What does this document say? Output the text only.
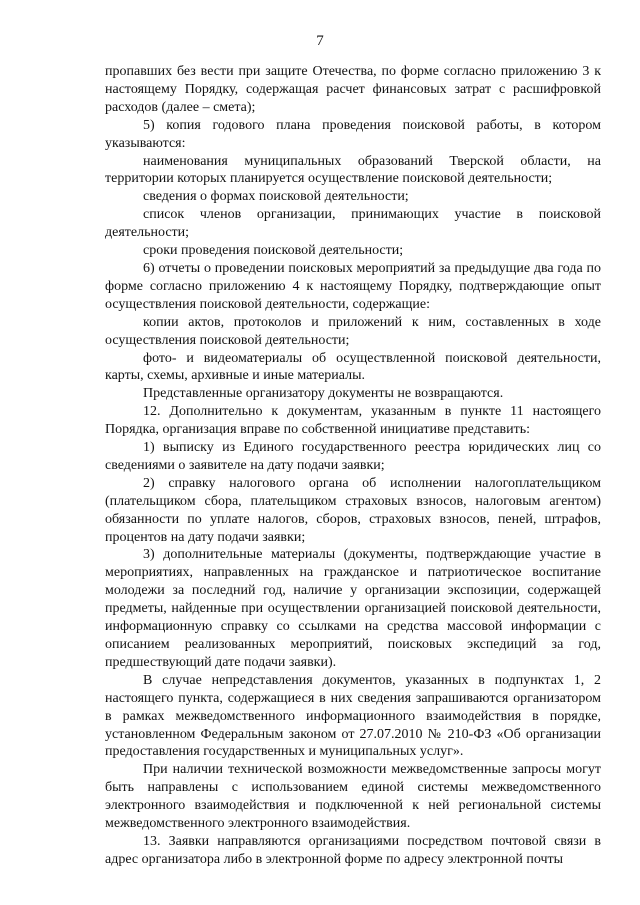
7

пропавших без вести при защите Отечества, по форме согласно приложению 3 к настоящему Порядку, содержащая расчет финансовых затрат с расшифровкой расходов (далее – смета);

5) копия годового плана проведения поисковой работы, в котором указываются:

наименования муниципальных образований Тверской области, на территории которых планируется осуществление поисковой деятельности;

сведения о формах поисковой деятельности;

список членов организации, принимающих участие в поисковой деятельности;

сроки проведения поисковой деятельности;

6) отчеты о проведении поисковых мероприятий за предыдущие два года по форме согласно приложению 4 к настоящему Порядку, подтверждающие опыт осуществления поисковой деятельности, содержащие:

копии актов, протоколов и приложений к ним, составленных в ходе осуществления поисковой деятельности;

фото- и видеоматериалы об осуществленной поисковой деятельности, карты, схемы, архивные и иные материалы.

Представленные организатору документы не возвращаются.

12. Дополнительно к документам, указанным в пункте 11 настоящего Порядка, организация вправе по собственной инициативе представить:

1) выписку из Единого государственного реестра юридических лиц со сведениями о заявителе на дату подачи заявки;

2) справку налогового органа об исполнении налогоплательщиком (плательщиком сбора, плательщиком страховых взносов, налоговым агентом) обязанности по уплате налогов, сборов, страховых взносов, пеней, штрафов, процентов на дату подачи заявки;

3) дополнительные материалы (документы, подтверждающие участие в мероприятиях, направленных на гражданское и патриотическое воспитание молодежи за последний год, наличие у организации экспозиции, содержащей предметы, найденные при осуществлении организацией поисковой деятельности, информационную справку со ссылками на средства массовой информации с описанием реализованных мероприятий, поисковых экспедиций за год, предшествующий дате подачи заявки).

В случае непредставления документов, указанных в подпунктах 1, 2 настоящего пункта, содержащиеся в них сведения запрашиваются организатором в рамках межведомственного информационного взаимодействия в порядке, установленном Федеральным законом от 27.07.2010 № 210-ФЗ «Об организации предоставления государственных и муниципальных услуг».

При наличии технической возможности межведомственные запросы могут быть направлены с использованием единой системы межведомственного электронного взаимодействия и подключенной к ней региональной системы межведомственного электронного взаимодействия.

13. Заявки направляются организациями посредством почтовой связи в адрес организатора либо в электронной форме по адресу электронной почты
